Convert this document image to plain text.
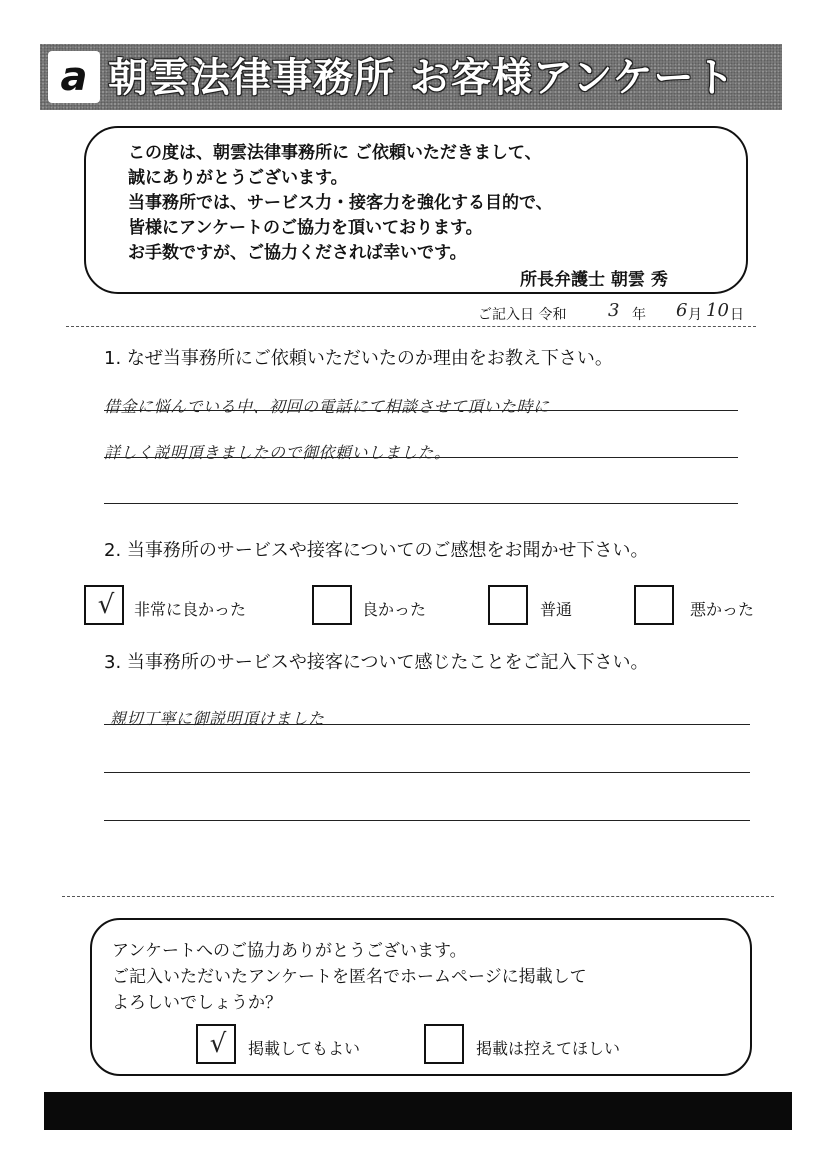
a 朝雲法律事務所 お客様アンケート
この度は、朝雲法律事務所に ご依頼いただきまして、
誠にありがとうございます。
当事務所では、サービス力・接客力を強化する目的で、
皆様にアンケートのご協力を頂いております。
お手数ですが、ご協力くだされば幸いです。
所長弁護士 朝雲 秀
ご記入日 令和 3 年 6 月 10 日
1. なぜ当事務所にご依頼いただいたのか理由をお教え下さい。
借金に悩んでいる中、初回の電話にて相談させて頂いた時に
詳しく説明頂きましたので御依頼いしました。
2. 当事務所のサービスや接客についてのご感想をお聞かせ下さい。
√	非常に良かった	良かった	普通	悪かった
3. 当事務所のサービスや接客について感じたことをご記入下さい。
親切丁寧に御説明頂けました
アンケートへのご協力ありがとうございます。
ご記入いただいたアンケートを匿名でホームページに掲載して
よろしいでしょうか？
√	掲載してもよい	掲載は控えてほしい
